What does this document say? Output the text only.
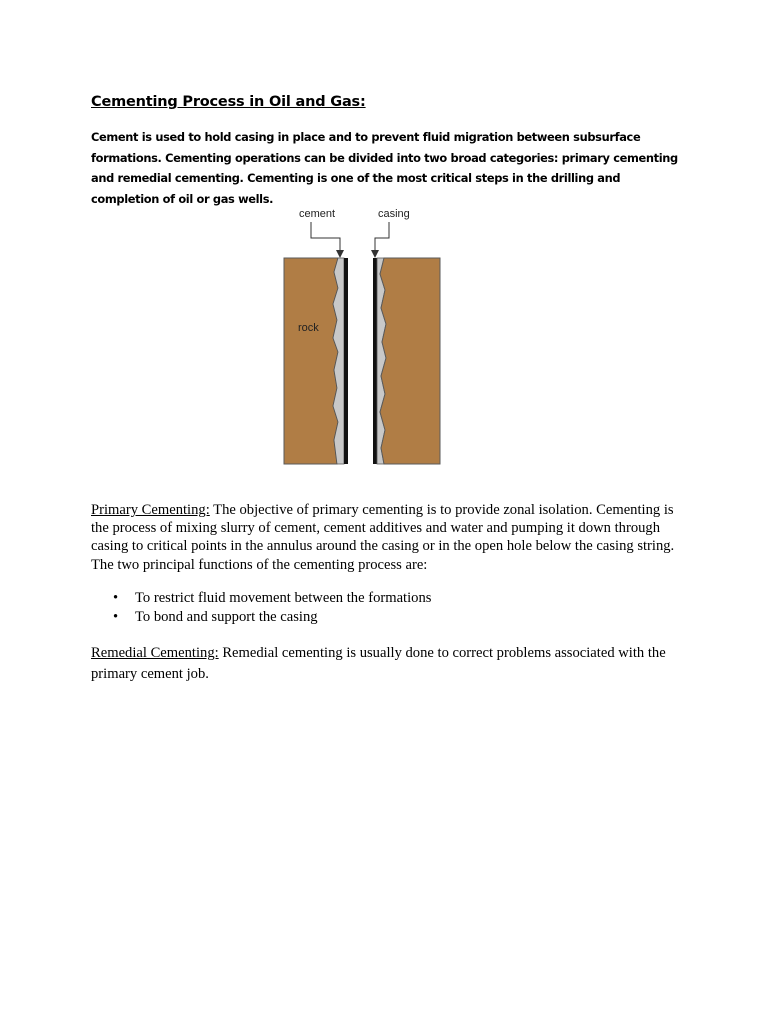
Cementing Process in Oil and Gas:

Cement is used to hold casing in place and to prevent fluid migration between subsurface formations. Cementing operations can be divided into two broad categories: primary cementing and remedial cementing. Cementing is one of the most critical steps in the drilling and completion of oil or gas wells.

cement	casing
rock

Primary Cementing: The objective of primary cementing is to provide zonal isolation. Cementing is the process of mixing slurry of cement, cement additives and water and pumping it down through casing to critical points in the annulus around the casing or in the open hole below the casing string. The two principal functions of the cementing process are:

• To restrict fluid movement between the formations
• To bond and support the casing

Remedial Cementing: Remedial cementing is usually done to correct problems associated with the primary cement job.
